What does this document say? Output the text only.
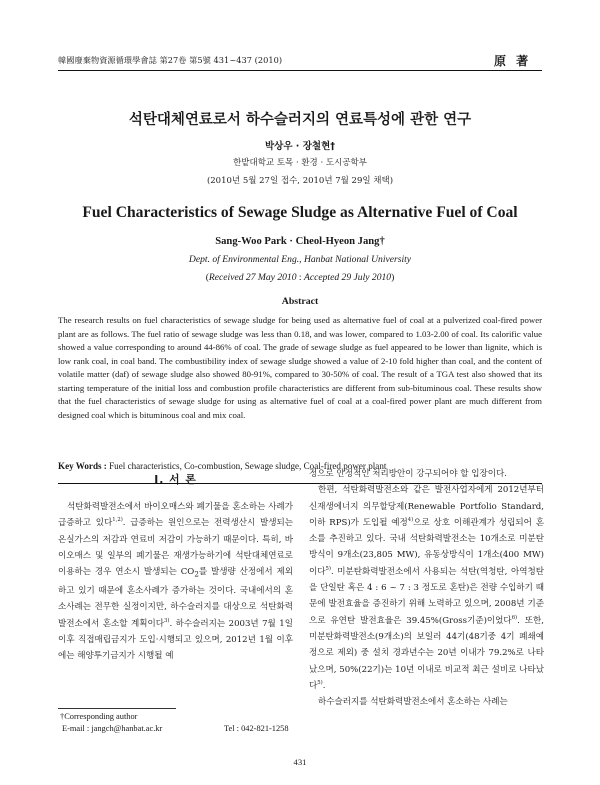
韓國廢棄物資源循環學會誌 第27卷 第5號 431~437 (2010)	原 著
석탄대체연료로서 하수슬러지의 연료특성에 관한 연구
박상우 · 장철현†
한밭대학교 토목 · 환경 · 도시공학부
(2010년 5월 27일 접수, 2010년 7월 29일 채택)
Fuel Characteristics of Sewage Sludge as Alternative Fuel of Coal
Sang-Woo Park · Cheol-Hyeon Jang†
Dept. of Environmental Eng., Hanbat National University
(Received 27 May 2010 : Accepted 29 July 2010)
Abstract
The research results on fuel characteristics of sewage sludge for being used as alternative fuel of coal at a pulverized coal-fired power plant are as follows. The fuel ratio of sewage sludge was less than 0.18, and was lower, compared to 1.03-2.00 of coal. Its calorific value showed a value corresponding to around 44-86% of coal. The grade of sewage sludge as fuel appeared to be lower than lignite, which is low rank coal, in coal band. The combustibility index of sewage sludge showed a value of 2-10 fold higher than coal, and the content of volatile matter (daf) of sewage sludge also showed 80-91%, compared to 30-50% of coal. The result of a TGA test also showed that its starting temperature of the initial loss and combustion profile characteristics are different from sub-bituminous coal. These results show that the fuel characteristics of sewage sludge for using as alternative fuel of coal at a coal-fired power plant are much different from designed coal which is bituminous coal and mix coal.
Key Words : Fuel characteristics, Co-combustion, Sewage sludge, Coal-fired power plant
I. 서 론

석탄화력발전소에서 바이오매스와 폐기물을 혼소하는 사례가 급증하고 있다$^{1,2)}$. 급증하는 원인으로는 전력생산시 발생되는 온실가스의 저감과 연료비 저감이 가능하기 때문이다. 특히, 바이오매스 및 일부의 폐기물은 재생가능하기에 석탄대체연료로 이용하는 경우 연소시 발생되는 $CO_2$를 발생량 산정에서 제외하고 있기 때문에 혼소사례가 증가하는 것이다. 국내에서의 혼소사례는 전무한 실정이지만, 하수슬러지를 대상으로 석탄화력발전소에서 혼소할 계획이다$^{3)}$. 하수슬러지는 2003년 7월 1일 이후 직접매립금지가 도입·시행되고 있으며, 2012년 1월 이후에는 해양투기금지가 시행될 예

정으로 안정적인 처리방안이 강구되어야 할 입장이다.

한편, 석탄화력발전소와 같은 발전사업자에게 2012년부터 신재생에너지 의무할당제(Renewable Portfolio Standard, 이하 RPS)가 도입될 예정$^{4)}$으로 상호 이해관계가 성립되어 혼소를 추진하고 있다. 국내 석탄화력발전소는 10개소로 미분탄방식이 9개소(23,805 MW), 유동상방식이 1개소(400 MW)이다$^{5)}$. 미분탄화력발전소에서 사용되는 석탄(역청탄, 아역청탄을 단일탄 혹은 4 : 6 ~ 7 : 3 정도로 혼탄)은 전량 수입하기 때문에 발전효율을 증진하기 위해 노력하고 있으며, 2008년 기준으로 유연탄 발전효율은 39.45%(Gross기준)이었다$^{6)}$. 또한, 미분탄화력발전소(9개소)의 보일러 44기(48기중 4기 폐쇄예정으로 제외) 중 설치 경과년수는 20년 이내가 79.2%로 나타났으며, 50%(22기)는 10년 이내로 비교적 최근 설비로 나타났다$^{5)}$.

하수슬러지를 석탄화력발전소에서 혼소하는 사례는

†Corresponding author
E-mail : jangch@hanbat.ac.kr	Tel : 042-821-1258
431
